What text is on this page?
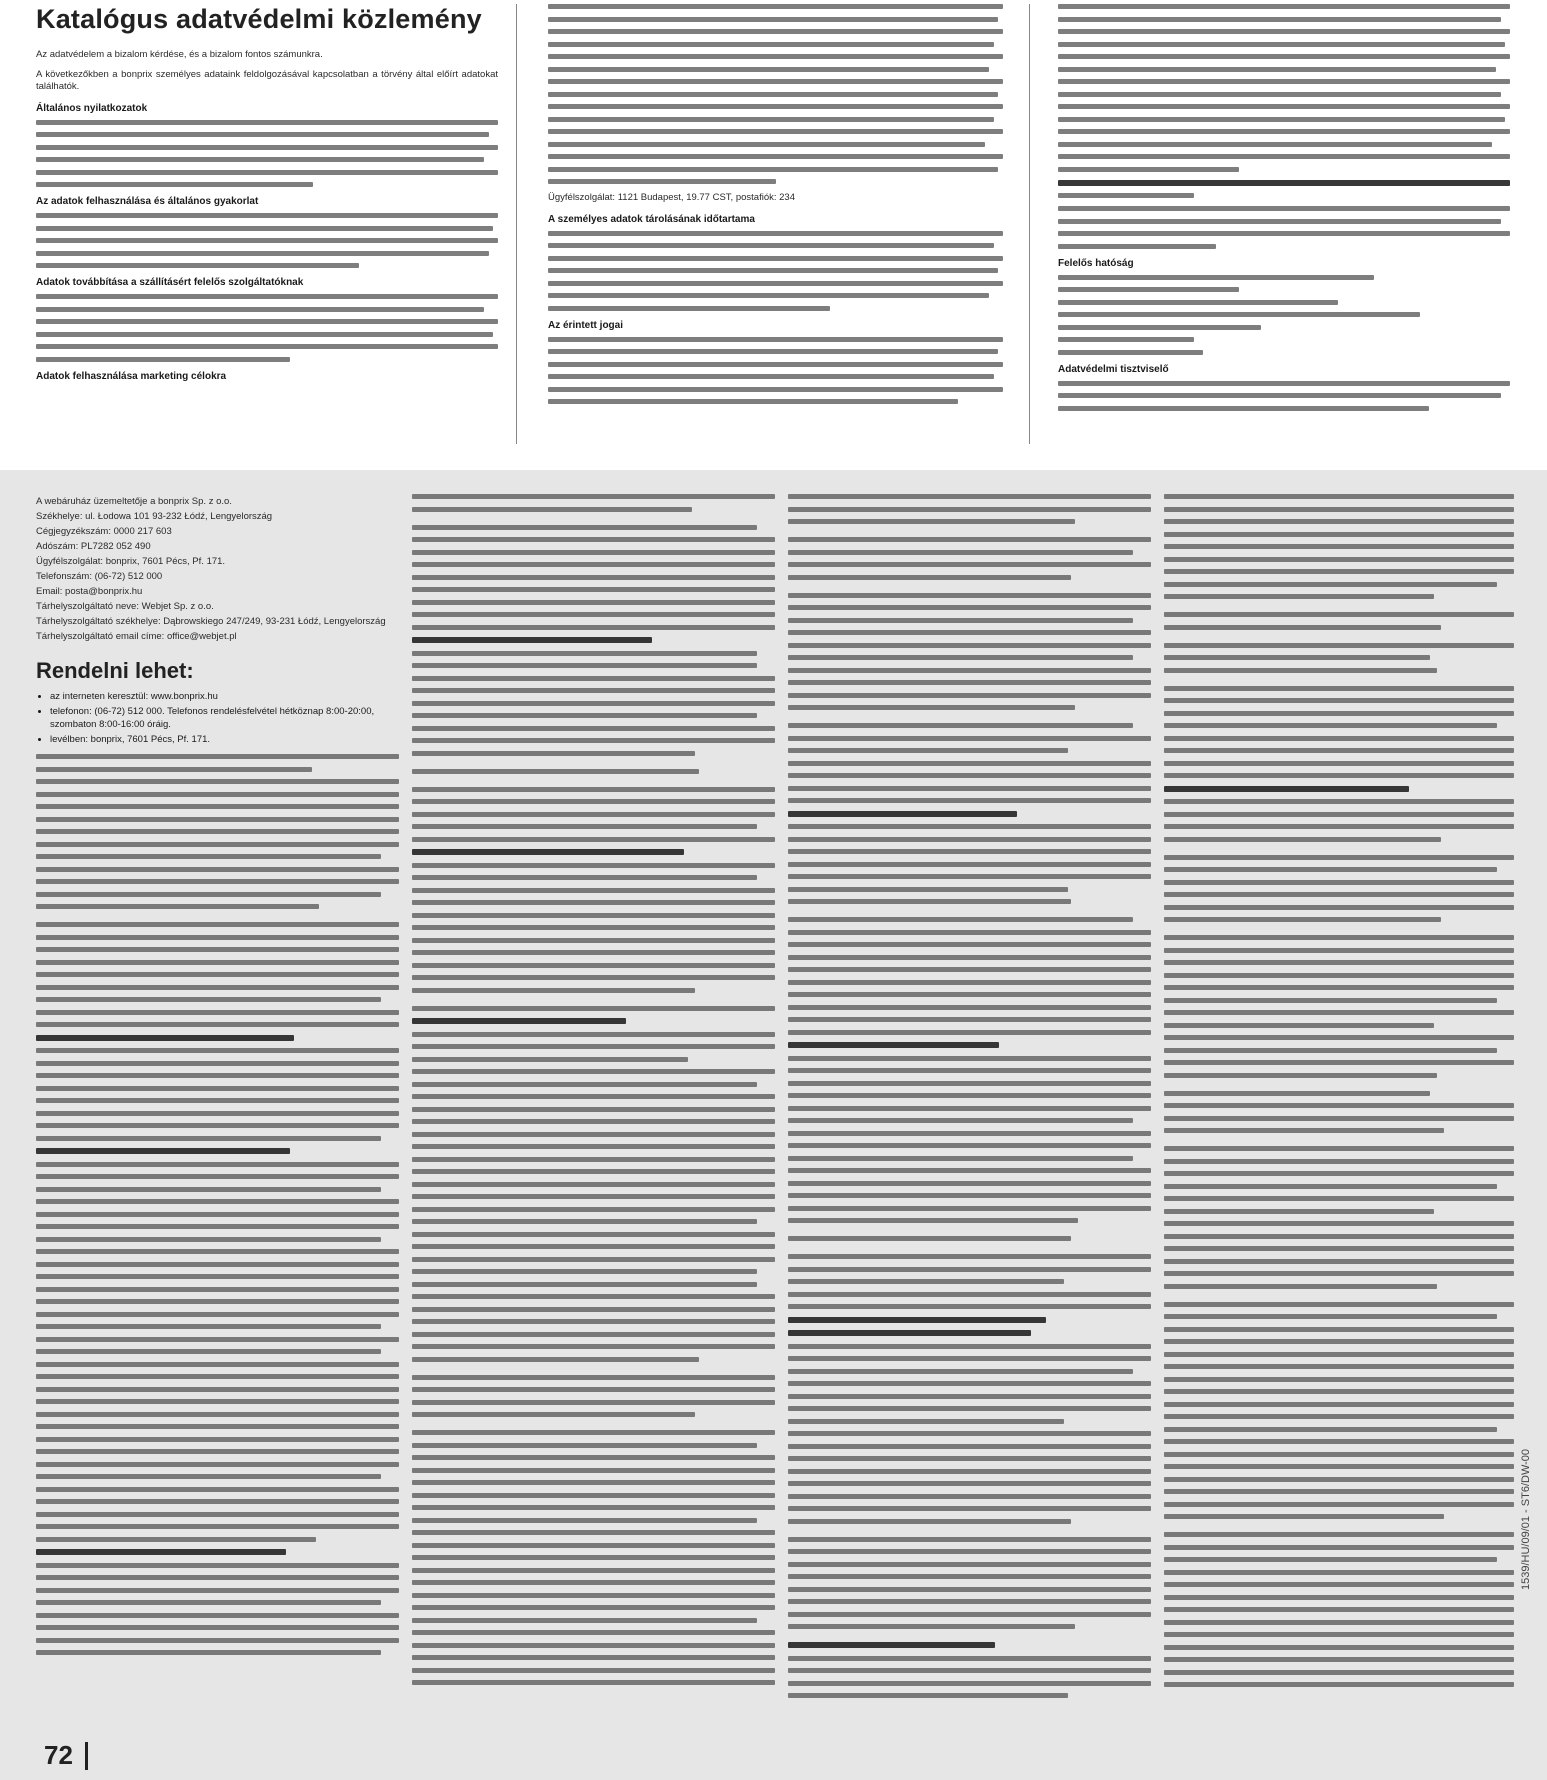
Katalógus adatvédelmi közlemény
Az adatvédelem a bizalom kérdése, és a bizalom fontos számunkra.
A következőkben a bonprix személyes adataink feldolgozásával kapcsolatban a törvény által előírt adatokat találhatók.
Általános nyilatkozatok
Az adatok felhasználása és általános gyakorlat
Adatok továbbítása a szállításért felelős szolgáltatóknak
Adatok felhasználása marketing célokra
Ügyfélszolgálat: 1121 Budapest, 19.77 CST, postafiók: 234
A személyes adatok tárolásának időtartama
Az érintett jogai
Felelős hatóság
Adatvédelmi tisztviselő
A webáruház üzemeltetője a bonprix Sp. z o.o.
Székhelye: ul. Łodowa 101 93-232 Łódź, Lengyelország
Cégjegyzékszám: 0000 217 603
Adószám: PL7282 052 490
Ügyfélszolgálat: bonprix, 7601 Pécs, Pf. 171.
Telefonszám: (06-72) 512 000
Email: posta@bonprix.hu
Tárhelyszolgáltató neve: Webjet Sp. z o.o.
Tárhelyszolgáltató székhelye: Dąbrowskiego 247/249, 93-231 Łódź, Lengyelország
Tárhelyszolgáltató email címe: office@webjet.pl
Rendelni lehet:
• az interneten keresztül: www.bonprix.hu
• telefonon: (06-72) 512 000. Telefonos rendelésfelvétel hétköznap 8:00-20:00, szombaton 8:00-16:00 óráig.
• levélben: bonprix, 7601 Pécs, Pf. 171.
1539/HU/09/01 - ST6/DW-00
72
